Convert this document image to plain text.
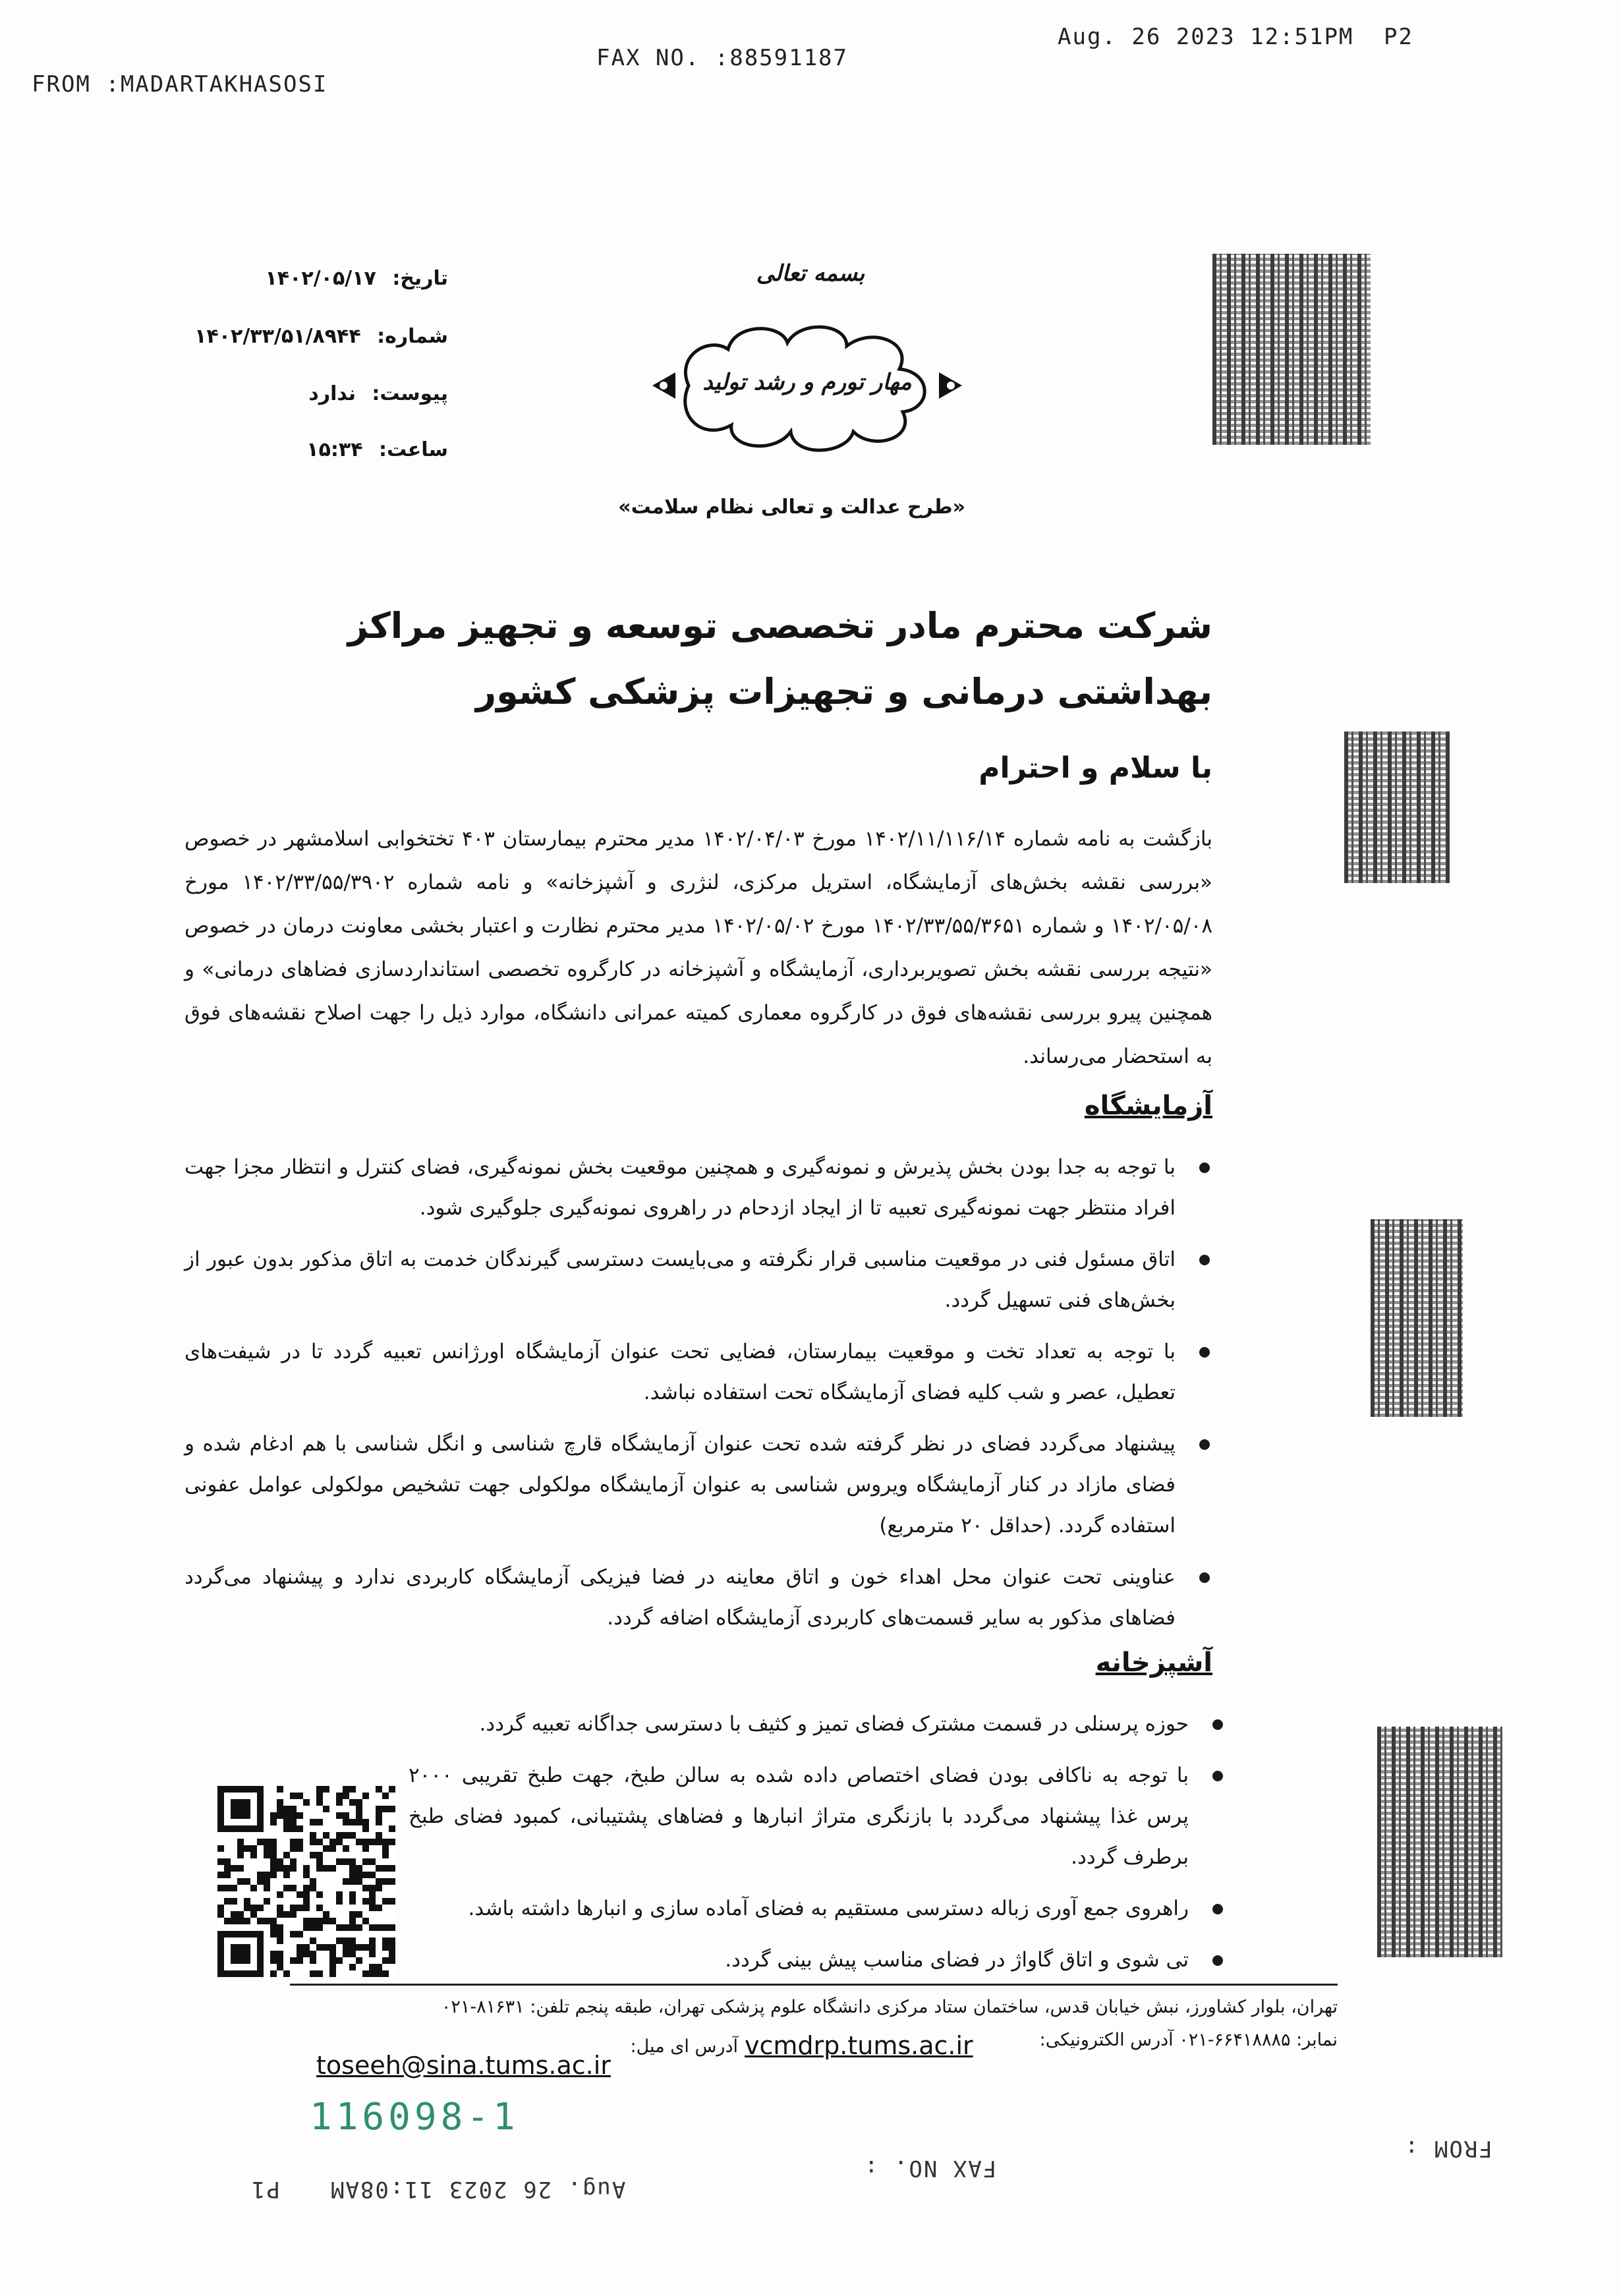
FROM :MADARTAKHASOSI
FAX NO. :88591187
Aug. 26 2023 12:51PM P2
تاریخ: ۱۴۰۲/۰۵/۱۷
شماره: ۱۴۰۲/۳۳/۵۱/۸۹۴۴
پیوست: ندارد
ساعت: ۱۵:۳۴
بسمه تعالی
مهار تورم و رشد تولید
«طرح عدالت و تعالی نظام سلامت»
شرکت محترم مادر تخصصی توسعه و تجهیز مراکز بهداشتی درمانی و تجهیزات پزشکی کشور
با سلام و احترام
بازگشت به نامه شماره ۱۴۰۲/۱۱/۱۱۶/۱۴ مورخ ۱۴۰۲/۰۴/۰۳ مدیر محترم بیمارستان ۴۰۳ تختخوابی اسلامشهر در خصوص «بررسی نقشه بخش‌های آزمایشگاه، استریل مرکزی، لنژری و آشپزخانه» و نامه شماره ۱۴۰۲/۳۳/۵۵/۳۹۰۲ مورخ ۱۴۰۲/۰۵/۰۸ و شماره ۱۴۰۲/۳۳/۵۵/۳۶۵۱ مورخ ۱۴۰۲/۰۵/۰۲ مدیر محترم نظارت و اعتبار بخشی معاونت درمان در خصوص «نتیجه بررسی نقشه بخش تصویربرداری، آزمایشگاه و آشپزخانه در کارگروه تخصصی استانداردسازی فضاهای درمانی» و همچنین پیرو بررسی نقشه‌های فوق در کارگروه معماری کمیته عمرانی دانشگاه، موارد ذیل را جهت اصلاح نقشه‌های فوق به استحضار می‌رساند.
آزمایشگاه
با توجه به جدا بودن بخش پذیرش و نمونه‌گیری و همچنین موقعیت بخش نمونه‌گیری، فضای کنترل و انتظار مجزا جهت افراد منتظر جهت نمونه‌گیری تعبیه تا از ایجاد ازدحام در راهروی نمونه‌گیری جلوگیری شود.
اتاق مسئول فنی در موقعیت مناسبی قرار نگرفته و می‌بایست دسترسی گیرندگان خدمت به اتاق مذکور بدون عبور از بخش‌های فنی تسهیل گردد.
با توجه به تعداد تخت و موقعیت بیمارستان، فضایی تحت عنوان آزمایشگاه اورژانس تعبیه گردد تا در شیفت‌های تعطیل، عصر و شب کلیه فضای آزمایشگاه تحت استفاده نباشد.
پیشنهاد می‌گردد فضای در نظر گرفته شده تحت عنوان آزمایشگاه قارچ شناسی و انگل شناسی با هم ادغام شده و فضای مازاد در کنار آزمایشگاه ویروس شناسی به عنوان آزمایشگاه مولکولی جهت تشخیص مولکولی عوامل عفونی استفاده گردد. (حداقل ۲۰ مترمربع)
عناوینی تحت عنوان محل اهداء خون و اتاق معاینه در فضا فیزیکی آزمایشگاه کاربردی ندارد و پیشنهاد می‌گردد فضاهای مذکور به سایر قسمت‌های کاربردی آزمایشگاه اضافه گردد.
آشپزخانه
حوزه پرسنلی در قسمت مشترک فضای تمیز و کثیف با دسترسی جداگانه تعبیه گردد.
با توجه به ناکافی بودن فضای اختصاص داده شده به سالن طبخ، جهت طبخ تقریبی ۲۰۰۰ پرس غذا پیشنهاد می‌گردد با بازنگری متراژ انبارها و فضاهای پشتیبانی، کمبود فضای طبخ برطرف گردد.
راهروی جمع آوری زباله دسترسی مستقیم به فضای آماده سازی و انبارها داشته باشد.
تی شوی و اتاق گاواژ در فضای مناسب پیش بینی گردد.
تهران، بلوار کشاورز، نبش خیابان قدس، ساختمان ستاد مرکزی دانشگاه علوم پزشکی تهران، طبقه پنجم تلفن: ۸۱۶۳۱-۰۲۱
نمابر: ۶۶۴۱۸۸۸۵-۰۲۱ آدرس الکترونیکی:
vcmdrp.tums.ac.ir
آدرس ای میل:
toseeh@sina.tums.ac.ir
116098-1
FROM :
FAX NO. :
Aug. 26 2023 11:08AM
P1
